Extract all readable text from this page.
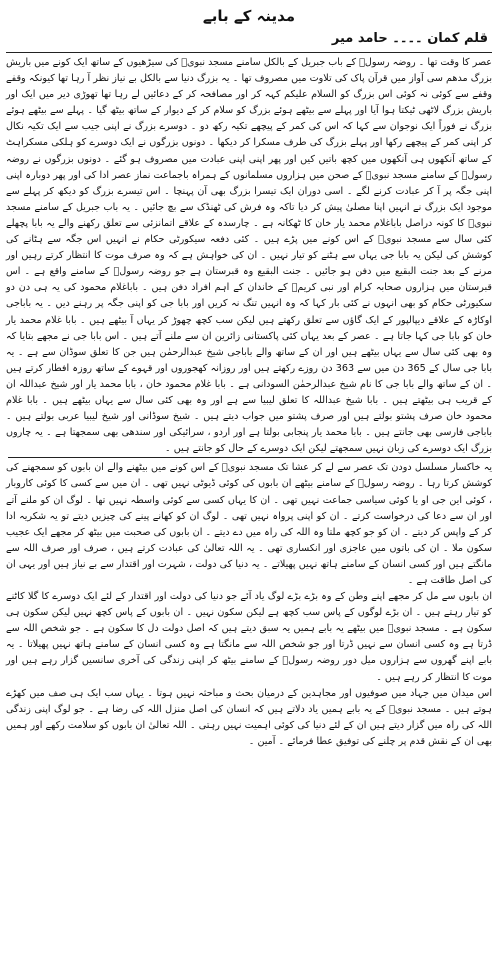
مدینہ کے بابے
قلم کمان ۔۔۔۔ حامد میر

عصر کا وقت تھا ۔ روضہ رسولؐ کے باب جبریل کے بالکل سامنے مسجد نبویؐ کی سیڑھیوں کے ساتھ ایک کونے میں باریش بزرگ مدھم سی آواز میں قرآن پاک کی تلاوت میں مصروف تھا ۔ یہ بزرگ دنیا سے بالکل بے نیاز نظر آ رہا تھا کیونکہ وقفے وقفے سے کوئی نہ کوئی اس بزرگ کو السلام علیکم کہہ کر اور مصافحہ کر کے دعائیں لے رہا تھا تھوڑی دیر میں ایک اور باریش بزرگ لاٹھی ٹیکتا ہوا آیا اور پہلے سے بیٹھے ہوئے بزرگ کو سلام کر کے دیوار کے ساتھ بیٹھ گیا ۔ پہلے سے بیٹھے ہوئے بزرگ نے فوراً ایک نوجوان سے کہا کہ اس کی کمر کے پیچھے تکیہ رکھ دو ۔ دوسرے بزرگ نے اپنی جیب سے ایک تکیہ نکال کر اپنی کمر کے پیچھے رکھا اور پہلے بزرگ کی طرف مسکرا کر دیکھا ۔ دونوں بزرگوں نے ایک دوسرے کو ہلکی مسکراہٹ کے ساتھ آنکھوں ہی آنکھوں میں کچھ باتیں کیں اور پھر اپنی اپنی عبادت میں مصروف ہو گئے ۔ دونوں بزرگوں نے روضہ رسولؐ کے سامنے مسجد نبویؐ کے صحن میں ہزاروں مسلمانوں کے ہمراہ باجماعت نماز عصر ادا کی اور پھر دوبارہ اپنی اپنی جگہ پر آ کر عبادت کرنے لگے ۔ اسی دوران ایک تیسرا بزرگ بھی آن پہنچا ۔ اس تیسرے بزرگ کو دیکھ کر پہلے سے موجود ایک بزرگ نے انہیں اپنا مصلیٰ پیش کر دیا تاکہ وہ فرش کی ٹھنڈک سے بچ جائیں ۔ یہ باب جبریل کے سامنے مسجد نبویؐ کا کونہ دراصل باباغلام محمد یار خان کا ٹھکانہ ہے ۔ چارسدہ کے علاقے اتمانزئی سے تعلق رکھنے والے یہ بابا پچھلے کئی سال سے مسجد نبویؐ کے اس کونے میں پڑے ہیں ۔ کئی دفعہ سیکورٹی حکام نے انہیں اس جگہ سے ہٹانے کی کوشش کی لیکن یہ بابا جی یہاں سے ہٹنے کو تیار نہیں ۔ ان کی خواہش ہے کہ وہ صرف موت کا انتظار کرتے رہیں اور مرنے کے بعد جنت البقیع میں دفن ہو جائیں ۔ جنت البقیع وہ قبرستان ہے جو روضہ رسولؐ کے سامنے واقع ہے ۔ اس قبرستان میں ہزاروں صحابہ کرام اور نبی کریمؐ کے خاندان کے اہم افراد دفن ہیں ۔ باباغلام محمود کی یہ ہی دن دو سکیورٹی حکام کو بھی انہوں نے کئی بار کہا کہ وہ انہیں تنگ نہ کریں اور بابا جی کو اپنی جگہ پر رہنے دیں ۔ یہ باباجی اوکاڑہ کے علاقے دیپالپور کے ایک گاؤں سے تعلق رکھتے ہیں لیکن سب کچھ چھوڑ کر یہاں آ بیٹھے ہیں ۔ بابا غلام محمد یار خان کو بابا جی کہا جاتا ہے ۔ عصر کے بعد یہاں کئی پاکستانی زائرین ان سے ملنے آتے ہیں ۔ اس بابا جی نے مجھے بتایا کہ وہ بھی کئی سال سے یہاں بیٹھے ہیں اور ان کے ساتھ والے باباجی شیخ عبدالرحمٰن ہیں جن کا تعلق سوڈان سے ہے ۔ یہ بابا جی سال کے 365 دن میں سے 363 دن روزے رکھتے ہیں اور روزانہ کھجوروں اور قہوے کے ساتھ روزہ افطار کرتے ہیں ۔ ان کے ساتھ والے بابا جی کا نام شیخ عبدالرحمٰن السودانی ہے ۔ بابا غلام محمود خان ، بابا محمد یار اور شیخ عبداللہ ان کے قریب ہی بیٹھتے ہیں ۔ بابا شیخ عبداللہ کا تعلق لیبیا سے ہے اور وہ بھی کئی سال سے یہاں بیٹھے ہیں ۔ بابا غلام محمود خان صرف پشتو بولتے ہیں اور صرف پشتو میں جواب دیتے ہیں ۔ شیخ سوڈانی اور شیخ لیبیا عربی بولتے ہیں ۔ باباجی فارسی بھی جانتے ہیں ۔ بابا محمد یار پنجابی بولتا ہے اور اردو ، سرائیکی اور سندھی بھی سمجھتا ہے ۔ یہ چاروں بزرگ ایک دوسرے کی زبان نہیں سمجھتے لیکن ایک دوسرے کے حال کو جانتے ہیں ۔

یہ خاکسار مسلسل دودن تک عصر سے لے کر عشا تک مسجد نبویؐ کے اس کونے میں بیٹھنے والے ان بابوں کو سمجھنے کی کوشش کرتا رہا ۔ روضہ رسولؐ کے سامنے بیٹھے ان بابوں کی کوئی ڈیوٹی نہیں تھی ۔ ان میں سے کسی کا کوئی کاروبار ، کوئی این جی او یا کوئی سیاسی جماعت نہیں تھی ۔ ان کا یہاں کسی سے کوئی واسطہ نہیں تھا ۔ لوگ ان کو ملنے آتے اور ان سے دعا کی درخواست کرتے ۔ ان کو اپنی پرواہ نہیں تھی ۔ لوگ ان کو کھانے پینے کی چیزیں دیتے تو یہ شکریہ ادا کر کے واپس کر دیتے ۔ ان کو جو کچھ ملتا وہ اللہ کی راہ میں دے دیتے ۔ ان بابوں کی صحبت میں بیٹھ کر مجھے ایک عجیب سکون ملا ۔ ان کی باتوں میں عاجزی اور انکساری تھی ۔ یہ اللہ تعالیٰ کی عبادت کرتے ہیں ، صرف اور صرف اللہ سے مانگتے ہیں اور کسی انسان کے سامنے ہاتھ نہیں پھیلاتے ۔ یہ دنیا کی دولت ، شہرت اور اقتدار سے بے نیاز ہیں اور یہی ان کی اصل طاقت ہے ۔

ان بابوں سے مل کر مجھے اپنے وطن کے وہ بڑے بڑے لوگ یاد آئے جو دنیا کی دولت اور اقتدار کے لئے ایک دوسرے کا گلا کاٹنے کو تیار رہتے ہیں ۔ ان بڑے لوگوں کے پاس سب کچھ ہے لیکن سکون نہیں ۔ ان بابوں کے پاس کچھ نہیں لیکن سکون ہی سکون ہے ۔ مسجد نبویؐ میں بیٹھے یہ بابے ہمیں یہ سبق دیتے ہیں کہ اصل دولت دل کا سکون ہے ۔ جو شخص اللہ سے ڈرتا ہے وہ کسی انسان سے نہیں ڈرتا اور جو شخص اللہ سے مانگتا ہے وہ کسی انسان کے سامنے ہاتھ نہیں پھیلاتا ۔ یہ بابے اپنے گھروں سے ہزاروں میل دور روضہ رسولؐ کے سامنے بیٹھ کر اپنی زندگی کی آخری سانسیں گزار رہے ہیں اور موت کا انتظار کر رہے ہیں ۔

اس میدان میں جہاد میں صوفیوں اور مجاہدین کے درمیان بحث و مباحثہ نہیں ہوتا ۔ یہاں سب ایک ہی صف میں کھڑے ہوتے ہیں ۔ مسجد نبویؐ کے یہ بابے ہمیں یاد دلاتے ہیں کہ انسان کی اصل منزل اللہ کی رضا ہے ۔ جو لوگ اپنی زندگی اللہ کی راہ میں گزار دیتے ہیں ان کے لئے دنیا کی کوئی اہمیت نہیں رہتی ۔ اللہ تعالیٰ ان بابوں کو سلامت رکھے اور ہمیں بھی ان کے نقش قدم پر چلنے کی توفیق عطا فرمائے ۔ آمین ۔
